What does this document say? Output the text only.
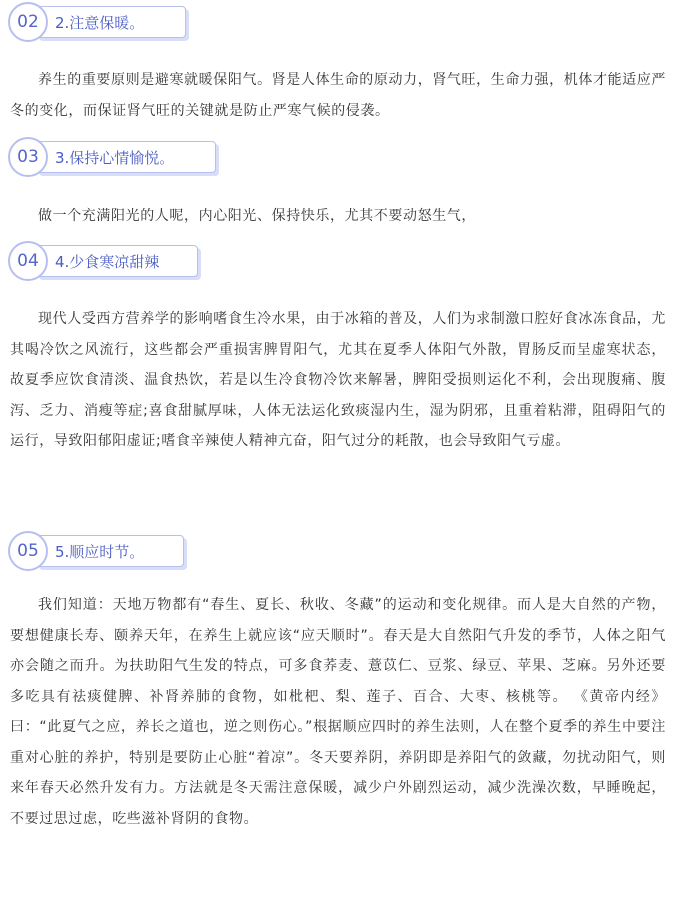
02	2.注意保暖。

养生的重要原则是避寒就暖保阳气。肾是人体生命的原动力，肾气旺，生命力强，机体才能适应严冬的变化，而保证肾气旺的关键就是防止严寒气候的侵袭。

03	3.保持心情愉悦。

做一个充满阳光的人呢，内心阳光、保持快乐，尤其不要动怒生气，

04	4.少食寒凉甜辣

现代人受西方营养学的影响嗜食生冷水果，由于冰箱的普及，人们为求制激口腔好食冰冻食品，尤其喝冷饮之风流行，这些都会严重损害脾胃阳气，尤其在夏季人体阳气外散，胃肠反而呈虚寒状态，故夏季应饮食清淡、温食热饮，若是以生冷食物冷饮来解暑，脾阳受损则运化不利，会出现腹痛、腹泻、乏力、消瘦等症;喜食甜腻厚味，人体无法运化致痰湿内生，湿为阴邪，且重着粘滞，阻碍阳气的运行，导致阳郁阳虚证;嗜食辛辣使人精神亢奋，阳气过分的耗散，也会导致阳气亏虚。

05	5.顺应时节。

我们知道：天地万物都有“春生、夏长、秋收、冬藏”的运动和变化规律。而人是大自然的产物，要想健康长寿、颐养天年，在养生上就应该“应天顺时”。春天是大自然阳气升发的季节，人体之阳气亦会随之而升。为扶助阳气生发的特点，可多食荞麦、薏苡仁、豆浆、绿豆、苹果、芝麻。另外还要多吃具有祛痰健脾、补肾养肺的食物，如枇杷、梨、莲子、百合、大枣、核桃等。 《黄帝内经》曰：“此夏气之应，养长之道也，逆之则伤心。”根据顺应四时的养生法则，人在整个夏季的养生中要注重对心脏的养护，特别是要防止心脏“着凉”。冬天要养阴，养阴即是养阳气的敛藏，勿扰动阳气，则来年春天必然升发有力。方法就是冬天需注意保暖，减少户外剧烈运动，减少洗澡次数，早睡晚起，不要过思过虑，吃些滋补肾阴的食物。
